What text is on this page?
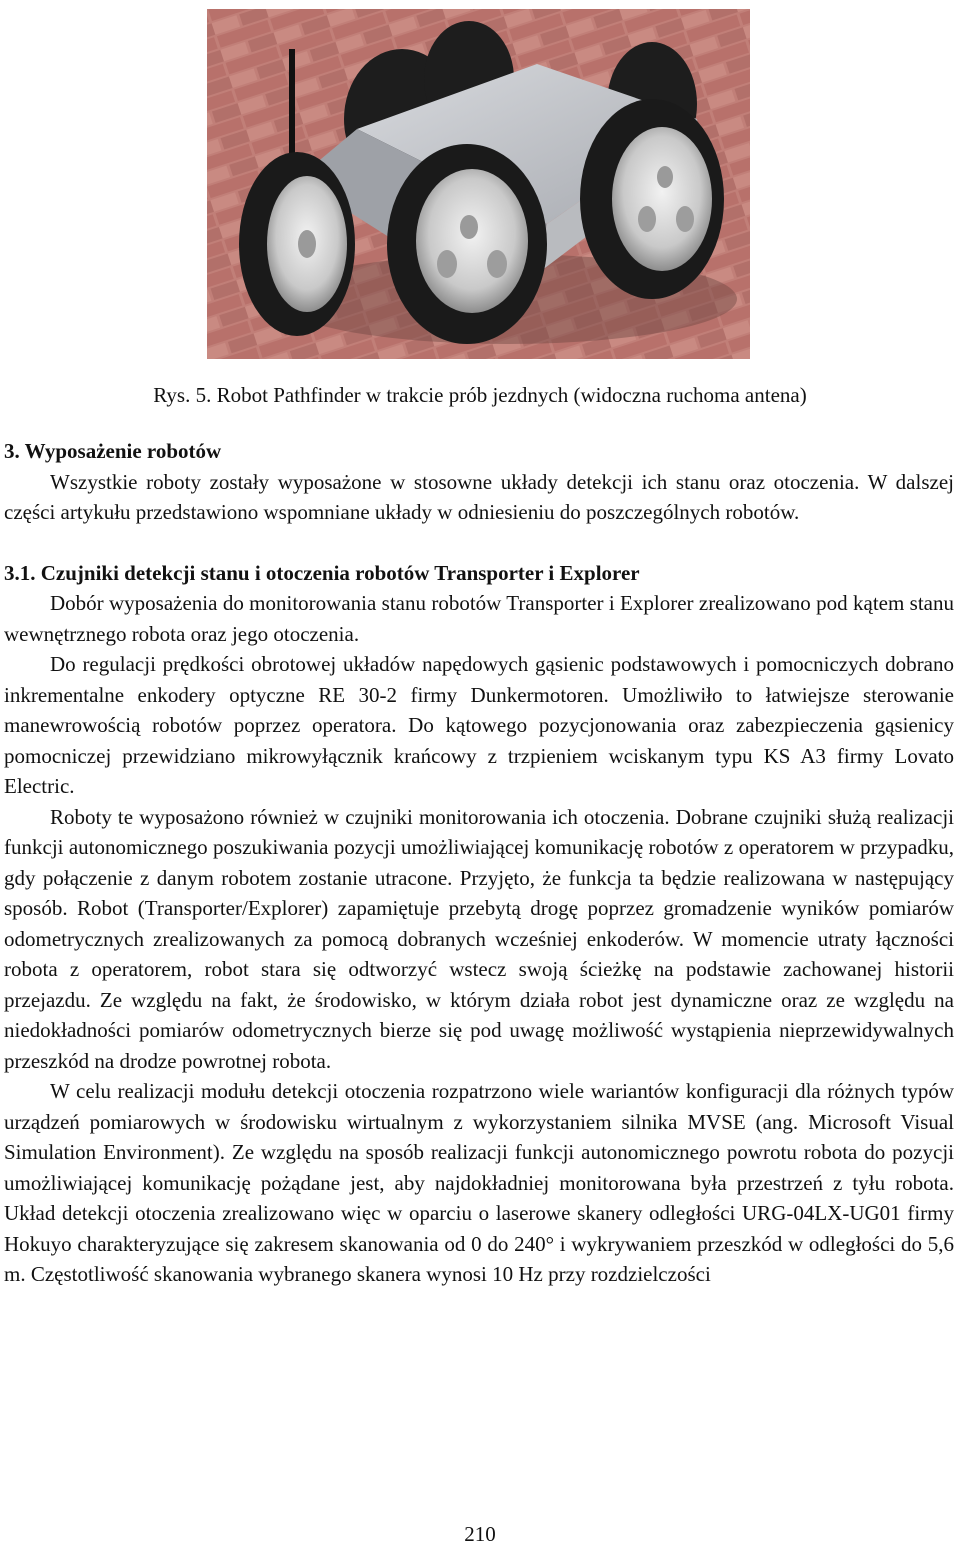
Rys. 5. Robot Pathfinder w trakcie prób jezdnych (widoczna ruchoma antena)

3. Wyposażenie robotów

Wszystkie roboty zostały wyposażone w stosowne układy detekcji ich stanu oraz otoczenia. W dalszej części artykułu przedstawiono wspomniane układy w odniesieniu do poszczególnych robotów.

3.1. Czujniki detekcji stanu i otoczenia robotów Transporter i Explorer

Dobór wyposażenia do monitorowania stanu robotów Transporter i Explorer zrealizowano pod kątem stanu wewnętrznego robota oraz jego otoczenia.

Do regulacji prędkości obrotowej układów napędowych gąsienic podstawowych i pomocniczych dobrano inkrementalne enkodery optyczne RE 30-2 firmy Dunkermotoren. Umożliwiło to łatwiejsze sterowanie manewrowością robotów poprzez operatora. Do kątowego pozycjonowania oraz zabezpieczenia gąsienicy pomocniczej przewidziano mikrowyłącznik krańcowy z trzpieniem wciskanym typu KS A3 firmy Lovato Electric.

Roboty te wyposażono również w czujniki monitorowania ich otoczenia. Dobrane czujniki służą realizacji funkcji autonomicznego poszukiwania pozycji umożliwiającej komunikację robotów z operatorem w przypadku, gdy połączenie z danym robotem zostanie utracone. Przyjęto, że funkcja ta będzie realizowana w następujący sposób. Robot (Transporter/Explorer) zapamiętuje przebytą drogę poprzez gromadzenie wyników pomiarów odometrycznych zrealizowanych za pomocą dobranych wcześniej enkoderów. W momencie utraty łączności robota z operatorem, robot stara się odtworzyć wstecz swoją ścieżkę na podstawie zachowanej historii przejazdu. Ze względu na fakt, że środowisko, w którym działa robot jest dynamiczne oraz ze względu na niedokładności pomiarów odometrycznych bierze się pod uwagę możliwość wystąpienia nieprzewidywalnych przeszkód na drodze powrotnej robota.

W celu realizacji modułu detekcji otoczenia rozpatrzono wiele wariantów konfiguracji dla różnych typów urządzeń pomiarowych w środowisku wirtualnym z wykorzystaniem silnika MVSE (ang. Microsoft Visual Simulation Environment). Ze względu na sposób realizacji funkcji autonomicznego powrotu robota do pozycji umożliwiającej komunikację pożądane jest, aby najdokładniej monitorowana była przestrzeń z tyłu robota. Układ detekcji otoczenia zrealizowano więc w oparciu o laserowe skanery odległości URG-04LX-UG01 firmy Hokuyo charakteryzujące się zakresem skanowania od 0 do 240° i wykrywaniem przeszkód w odległości do 5,6 m. Częstotliwość skanowania wybranego skanera wynosi 10 Hz przy rozdzielczości

210
